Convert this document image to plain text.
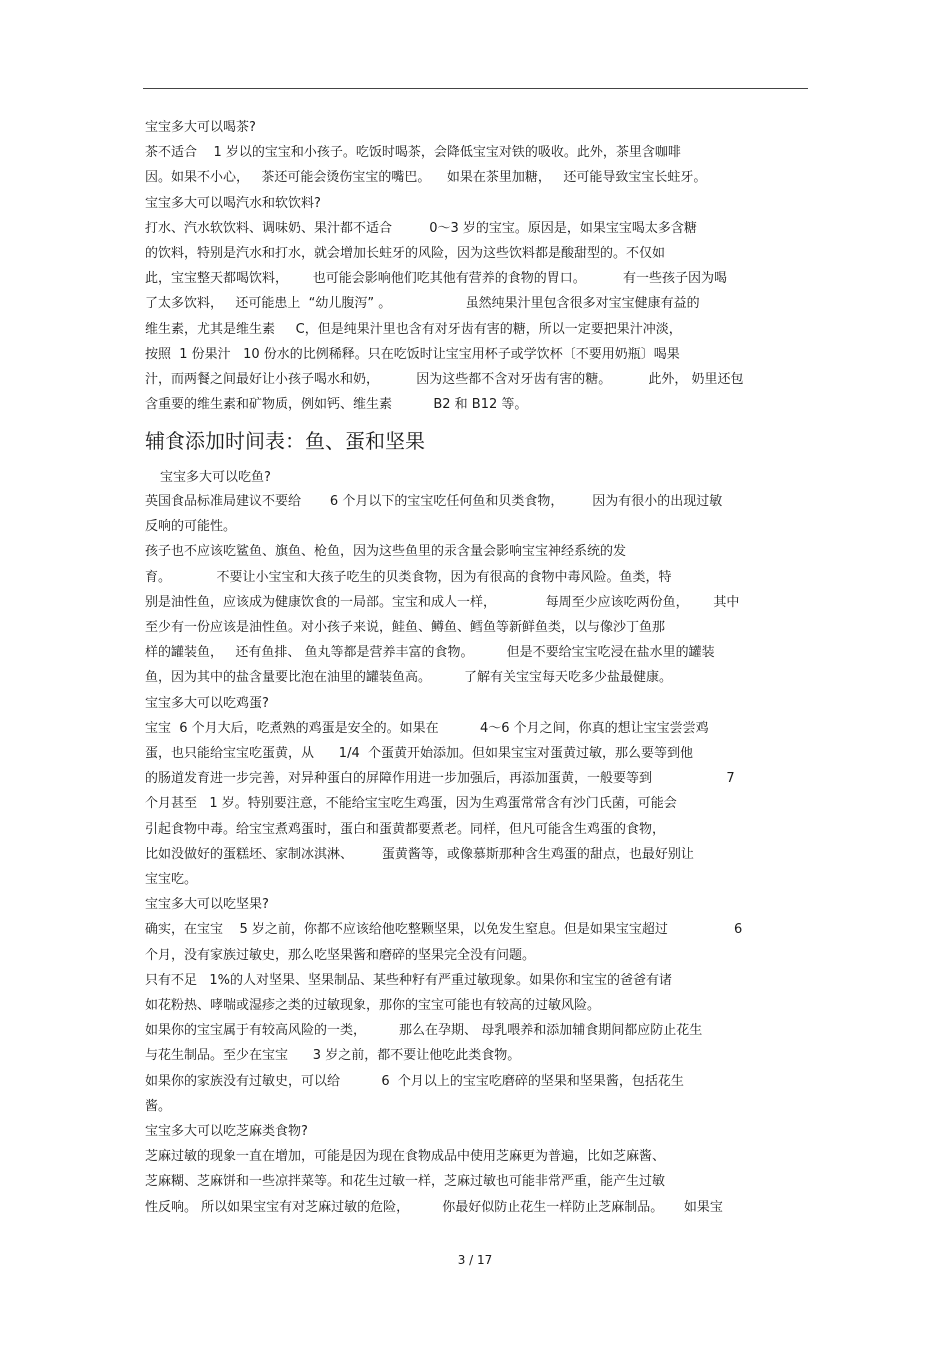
宝宝多大可以喝茶?

茶不适合    1 岁以的宝宝和小孩子。吃饭时喝茶，会降低宝宝对铁的吸收。此外，茶里含咖啡

因。如果不小心，   茶还可能会烫伤宝宝的嘴巴。    如果在茶里加糖，   还可能导致宝宝长蛀牙。

宝宝多大可以喝汽水和软饮料?

打水、汽水软饮料、调味奶、果汁都不适合         0～3 岁的宝宝。原因是，如果宝宝喝太多含糖

的饮料，特别是汽水和打水，就会增加长蛀牙的风险，因为这些饮料都是酸甜型的。不仅如

此，宝宝整天都喝饮料，      也可能会影响他们吃其他有营养的食物的胃口。         有一些孩子因为喝

了太多饮料，   还可能患上  “幼儿腹泻” 。                  虽然纯果汁里包含很多对宝宝健康有益的

维生素，尤其是维生素     C，但是纯果汁里也含有对牙齿有害的糖，所以一定要把果汁冲淡，

按照  1 份果汁   10 份水的比例稀释。只在吃饭时让宝宝用杯子或学饮杯〔不要用奶瓶〕喝果

汁，而两餐之间最好让小孩子喝水和奶，         因为这些都不含对牙齿有害的糖。         此外， 奶里还包

含重要的维生素和矿物质，例如钙、维生素          B2 和 B12 等。

辅食添加时间表：鱼、蛋和坚果

宝宝多大可以吃鱼?

英国食品标准局建议不要给       6 个月以下的宝宝吃任何鱼和贝类食物，       因为有很小的出现过敏

反响的可能性。

孩子也不应该吃鲨鱼、旗鱼、枪鱼，因为这些鱼里的汞含量会影响宝宝神经系统的发

育。           不要让小宝宝和大孩子吃生的贝类食物，因为有很高的食物中毒风险。鱼类，特

别是油性鱼，应该成为健康饮食的一局部。宝宝和成人一样，            每周至少应该吃两份鱼，      其中

至少有一份应该是油性鱼。对小孩子来说，鲑鱼、鳟鱼、鳕鱼等新鲜鱼类，以与像沙丁鱼那

样的罐装鱼，   还有鱼排、 鱼丸等都是营养丰富的食物。        但是不要给宝宝吃浸在盐水里的罐装

鱼，因为其中的盐含量要比泡在油里的罐装鱼高。        了解有关宝宝每天吃多少盐最健康。

宝宝多大可以吃鸡蛋?

宝宝  6 个月大后，吃煮熟的鸡蛋是安全的。如果在          4～6 个月之间，你真的想让宝宝尝尝鸡

蛋，也只能给宝宝吃蛋黄，从      1/4  个蛋黄开始添加。但如果宝宝对蛋黄过敏，那么要等到他

的肠道发育进一步完善，对异种蛋白的屏障作用进一步加强后，再添加蛋黄，一般要等到                  7

个月甚至   1 岁。特别要注意，不能给宝宝吃生鸡蛋，因为生鸡蛋常常含有沙门氏菌，可能会

引起食物中毒。给宝宝煮鸡蛋时，蛋白和蛋黄都要煮老。同样，但凡可能含生鸡蛋的食物，

比如没做好的蛋糕坯、家制冰淇淋、       蛋黄酱等，或像慕斯那种含生鸡蛋的甜点，也最好别让

宝宝吃。

宝宝多大可以吃坚果?

确实，在宝宝    5 岁之前，你都不应该给他吃整颗坚果，以免发生窒息。但是如果宝宝超过                6

个月，没有家族过敏史，那么吃坚果酱和磨碎的坚果完全没有问题。

只有不足   1%的人对坚果、坚果制品、某些种籽有严重过敏现象。如果你和宝宝的爸爸有诸

如花粉热、哮喘或湿疹之类的过敏现象，那你的宝宝可能也有较高的过敏风险。

如果你的宝宝属于有较高风险的一类，        那么在孕期、 母乳喂养和添加辅食期间都应防止花生

与花生制品。至少在宝宝      3 岁之前，都不要让他吃此类食物。

如果你的家族没有过敏史，可以给          6  个月以上的宝宝吃磨碎的坚果和坚果酱，包括花生

酱。

宝宝多大可以吃芝麻类食物?

芝麻过敏的现象一直在增加，可能是因为现在食物成品中使用芝麻更为普遍，比如芝麻酱、

芝麻糊、芝麻饼和一些凉拌菜等。和花生过敏一样，芝麻过敏也可能非常严重，能产生过敏

性反响。 所以如果宝宝有对芝麻过敏的危险，        你最好似防止花生一样防止芝麻制品。     如果宝

3 / 17
